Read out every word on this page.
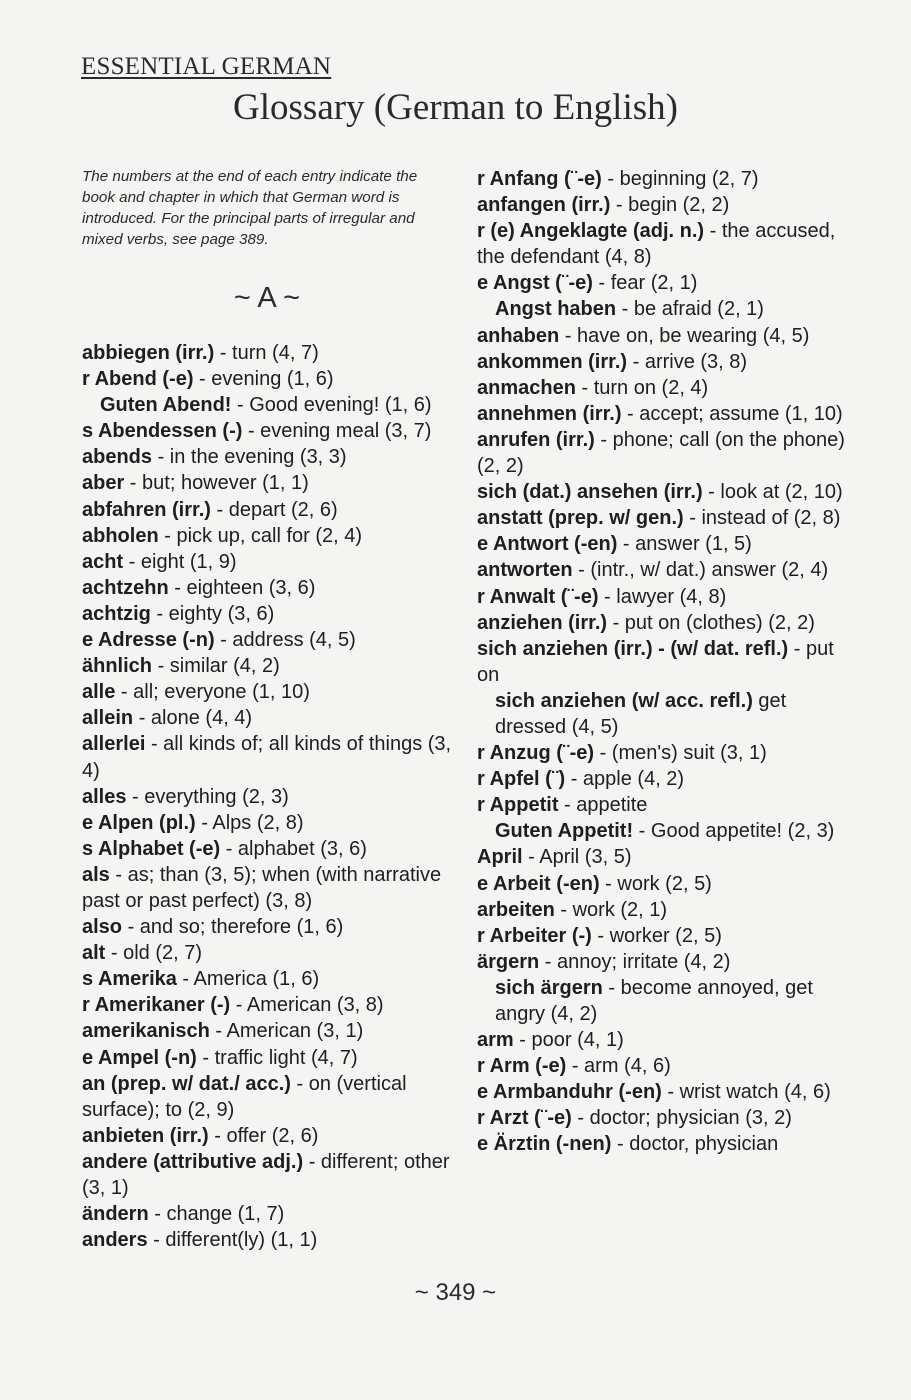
ESSENTIAL GERMAN
Glossary (German to English)

The numbers at the end of each entry indicate the book and chapter in which that German word is introduced. For the principal parts of irregular and mixed verbs, see page 389.

~ A ~

abbiegen (irr.) - turn (4, 7)

r Abend (-e) - evening (1, 6)

Guten Abend! - Good evening! (1, 6)

s Abendessen (-) - evening meal (3, 7)

abends - in the evening (3, 3)

aber - but; however (1, 1)

abfahren (irr.) - depart (2, 6)

abholen - pick up, call for (2, 4)

acht - eight (1, 9)

achtzehn - eighteen (3, 6)

achtzig - eighty (3, 6)

e Adresse (-n) - address (4, 5)

ähnlich - similar (4, 2)

alle - all; everyone (1, 10)

allein - alone (4, 4)

allerlei - all kinds of; all kinds of things (3, 4)

alles - everything (2, 3)

e Alpen (pl.) - Alps (2, 8)

s Alphabet (-e) - alphabet (3, 6)

als - as; than (3, 5); when (with narrative past or past perfect) (3, 8)

also - and so; therefore (1, 6)

alt - old (2, 7)

s Amerika - America (1, 6)

r Amerikaner (-) - American (3, 8)

amerikanisch - American (3, 1)

e Ampel (-n) - traffic light (4, 7)

an (prep. w/ dat./ acc.) - on (vertical surface); to (2, 9)

anbieten (irr.) - offer (2, 6)

andere (attributive adj.) - different; other (3, 1)

ändern - change (1, 7)

anders - different(ly) (1, 1)

r Anfang (¨-e) - beginning (2, 7)

anfangen (irr.) - begin (2, 2)

r (e) Angeklagte (adj. n.) - the accused, the defendant (4, 8)

e Angst (¨-e) - fear (2, 1)

Angst haben - be afraid (2, 1)

anhaben - have on, be wearing (4, 5)

ankommen (irr.) - arrive (3, 8)

anmachen - turn on (2, 4)

annehmen (irr.) - accept; assume (1, 10)

anrufen (irr.) - phone; call (on the phone) (2, 2)

sich (dat.) ansehen (irr.) - look at (2, 10)

anstatt (prep. w/ gen.) - instead of (2, 8)

e Antwort (-en) - answer (1, 5)

antworten - (intr., w/ dat.) answer (2, 4)

r Anwalt (¨-e) - lawyer (4, 8)

anziehen (irr.) - put on (clothes) (2, 2)

sich anziehen (irr.) - (w/ dat. refl.) - put on

sich anziehen (w/ acc. refl.) get dressed (4, 5)

r Anzug (¨-e) - (men's) suit (3, 1)

r Apfel (¨) - apple (4, 2)

r Appetit - appetite

Guten Appetit! - Good appetite! (2, 3)

April - April (3, 5)

e Arbeit (-en) - work (2, 5)

arbeiten - work (2, 1)

r Arbeiter (-) - worker (2, 5)

ärgern - annoy; irritate (4, 2)

sich ärgern - become annoyed, get angry (4, 2)

arm - poor (4, 1)

r Arm (-e) - arm (4, 6)

e Armbanduhr (-en) - wrist watch (4, 6)

r Arzt (¨-e) - doctor; physician (3, 2)

e Ärztin (-nen) - doctor, physician

~ 349 ~
